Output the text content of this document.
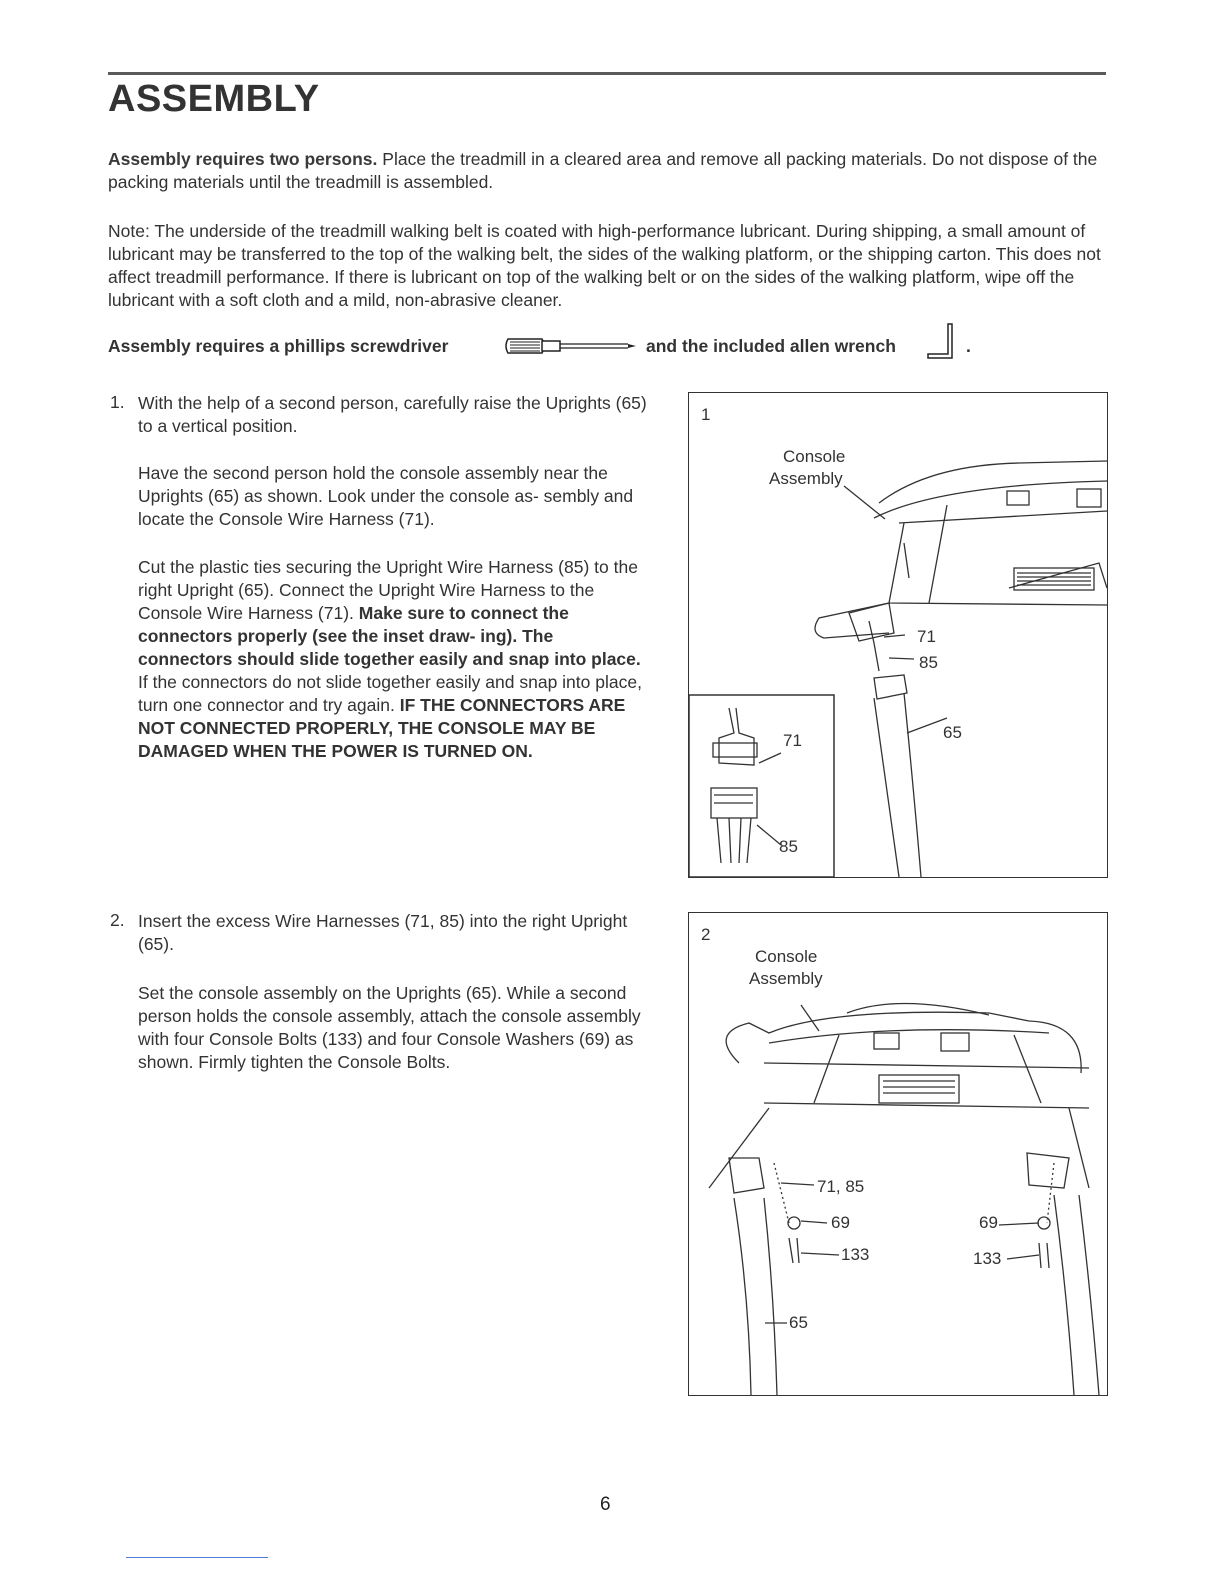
ASSEMBLY

Assembly requires two persons. Place the treadmill in a cleared area and remove all packing materials. Do not dispose of the packing materials until the treadmill is assembled.

Note: The underside of the treadmill walking belt is coated with high-performance lubricant. During shipping, a small amount of lubricant may be transferred to the top of the walking belt, the sides of the walking platform, or the shipping carton. This does not affect treadmill performance. If there is lubricant on top of the walking belt or on the sides of the walking platform, wipe off the lubricant with a soft cloth and a mild, non-abrasive cleaner.

Assembly requires a phillips screwdriver	and the included allen wrench	.
1. With the help of a second person, carefully raise the Uprights (65) to a vertical position.

Have the second person hold the console assembly near the Uprights (65) as shown. Look under the console as- sembly and locate the Console Wire Harness (71).

Cut the plastic ties securing the Upright Wire Harness (85) to the right Upright (65). Connect the Upright Wire Harness to the Console Wire Harness (71). Make sure to connect the connectors properly (see the inset draw- ing). The connectors should slide together easily and snap into place. If the connectors do not slide together easily and snap into place, turn one connector and try again. IF THE CONNECTORS ARE NOT CONNECTED PROPERLY, THE CONSOLE MAY BE DAMAGED WHEN THE POWER IS TURNED ON.

2. Insert the excess Wire Harnesses (71, 85) into the right Upright (65).

Set the console assembly on the Uprights (65). While a second person holds the console assembly, attach the console assembly with four Console Bolts (133) and four Console Washers (69) as shown. Firmly tighten the Console Bolts.

1
Console
Assembly
71
85
65
71
85
2
Console
Assembly
71, 85
69
133
69
133
65
6
